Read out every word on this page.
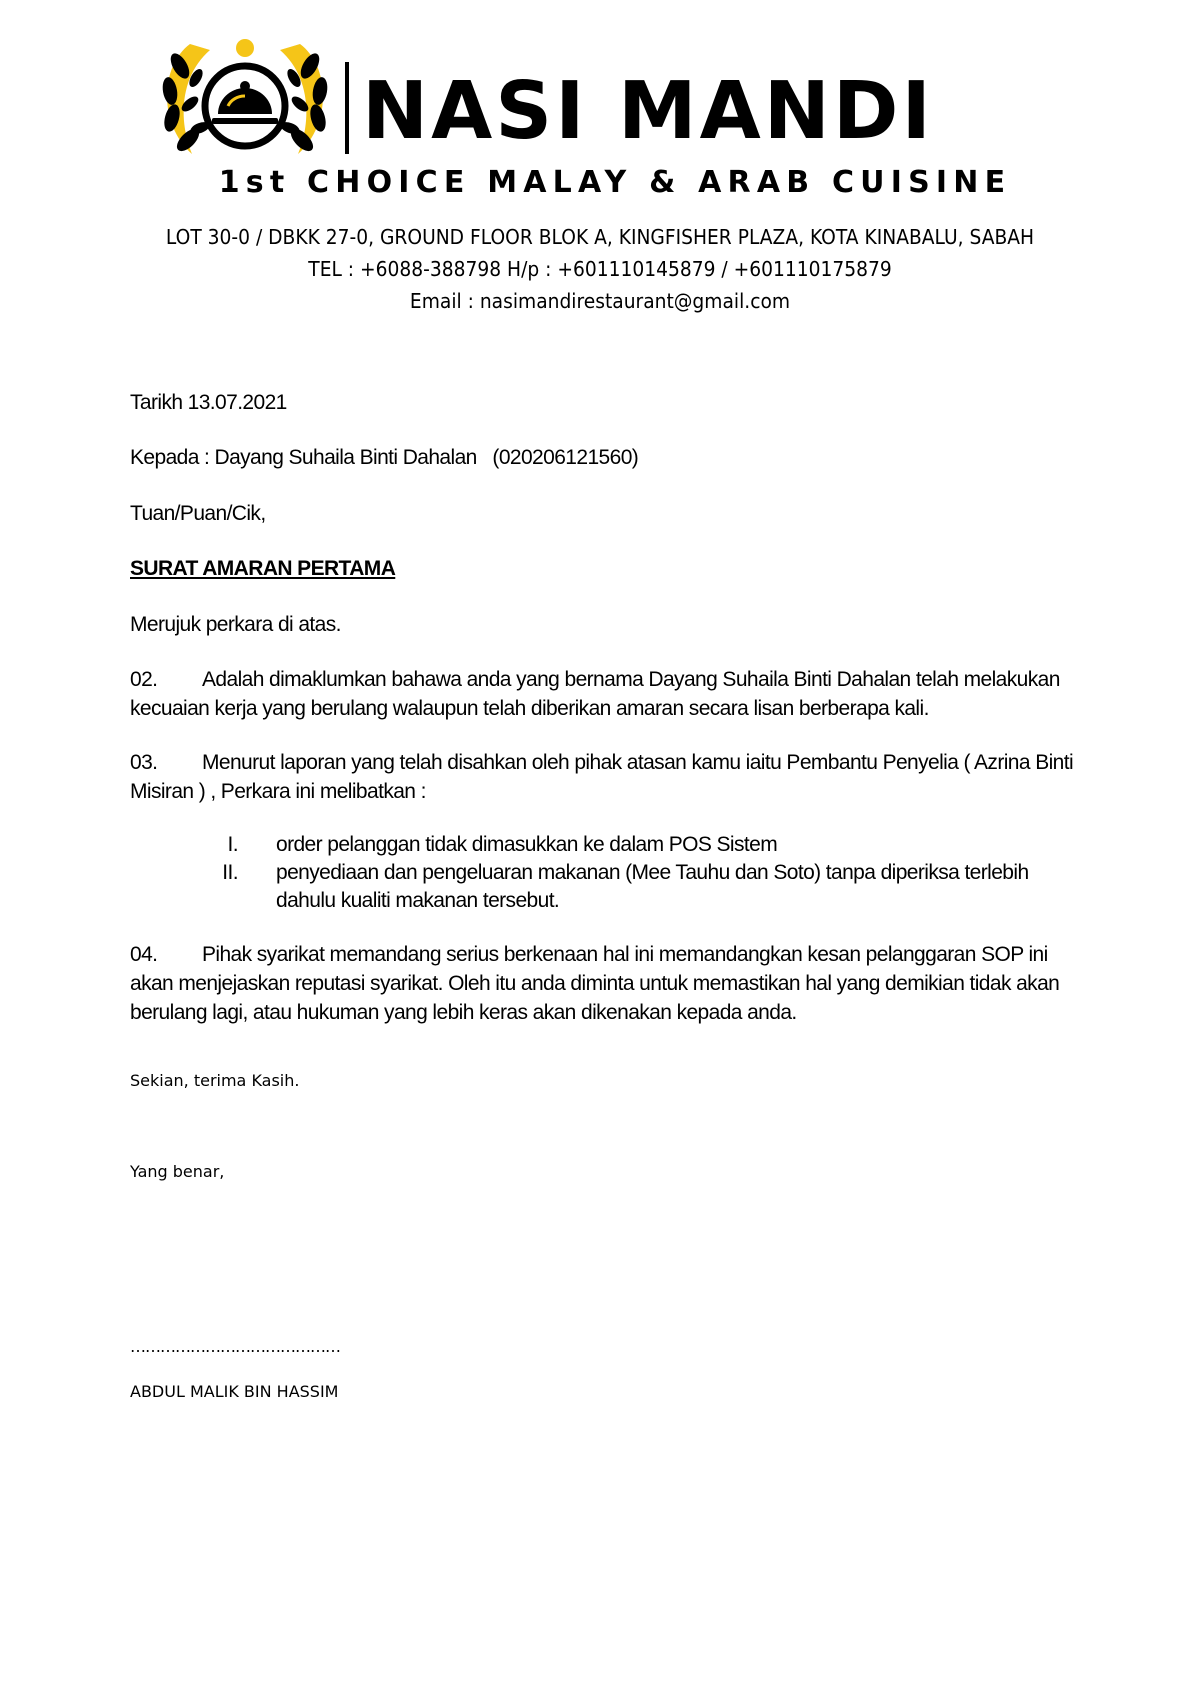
NASI MANDI
1st CHOICE MALAY & ARAB CUISINE
LOT 30-0 / DBKK 27-0, GROUND FLOOR BLOK A, KINGFISHER PLAZA, KOTA KINABALU, SABAH
TEL : +6088-388798 H/p : +601110145879 / +601110175879
Email : nasimandirestaurant@gmail.com
Tarikh 13.07.2021
Kepada : Dayang Suhaila Binti Dahalan   (020206121560)
Tuan/Puan/Cik,
SURAT AMARAN PERTAMA
Merujuk perkara di atas.
02. Adalah dimaklumkan bahawa anda yang bernama Dayang Suhaila Binti Dahalan telah melakukan kecuaian kerja yang berulang walaupun telah diberikan amaran secara lisan berberapa kali.
03. Menurut laporan yang telah disahkan oleh pihak atasan kamu iaitu Pembantu Penyelia ( Azrina Binti Misiran ) , Perkara ini melibatkan :
I. order pelanggan tidak dimasukkan ke dalam POS Sistem
II. penyediaan dan pengeluaran makanan (Mee Tauhu dan Soto) tanpa diperiksa terlebih dahulu kualiti makanan tersebut.
04. Pihak syarikat memandang serius berkenaan hal ini memandangkan kesan pelanggaran SOP ini akan menjejaskan reputasi syarikat. Oleh itu anda diminta untuk memastikan hal yang demikian tidak akan berulang lagi, atau hukuman yang lebih keras akan dikenakan kepada anda.
Sekian, terima Kasih.
Yang benar,
……………………………………
ABDUL MALIK BIN HASSIM
